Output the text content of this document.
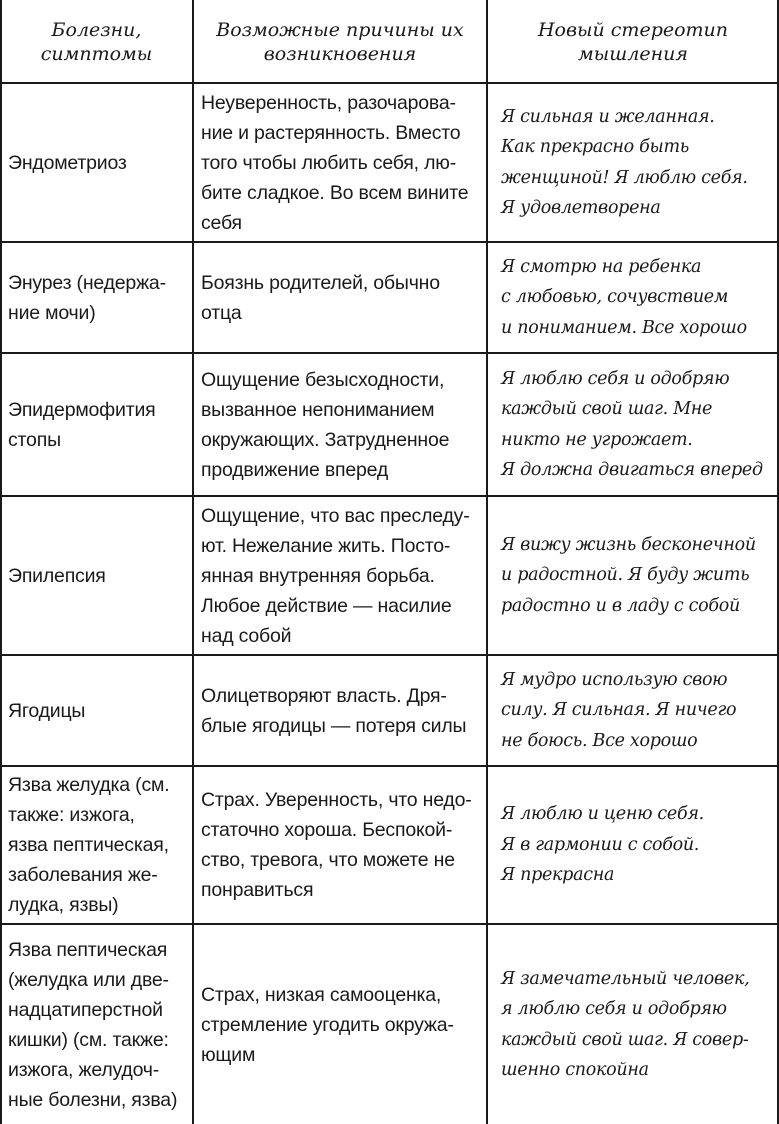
Болезни, симптомы
Возможные причины их возникновения
Новый стереотип мышления
Эндометриоз
Неуверенность, разочарова-
ние и растерянность. Вместо
того чтобы любить себя, лю-
бите сладкое. Во всем вините
себя
Я сильная и желанная.
Как прекрасно быть
женщиной! Я люблю себя.
Я удовлетворена
Энурез (недержа-
ние мочи)
Боязнь родителей, обычно
отца
Я смотрю на ребенка
с любовью, сочувствием
и пониманием. Все хорошо
Эпидермофития
стопы
Ощущение безысходности,
вызванное непониманием
окружающих. Затрудненное
продвижение вперед
Я люблю себя и одобряю
каждый свой шаг. Мне
никто не угрожает.
Я должна двигаться вперед
Эпилепсия
Ощущение, что вас преследу-
ют. Нежелание жить. Посто-
янная внутренняя борьба.
Любое действие — насилие
над собой
Я вижу жизнь бесконечной
и радостной. Я буду жить
радостно и в ладу с собой
Ягодицы
Олицетворяют власть. Дря-
блые ягодицы — потеря силы
Я мудро использую свою
силу. Я сильная. Я ничего
не боюсь. Все хорошо
Язва желудка (см.
также: изжога,
язва пептическая,
заболевания же-
лудка, язвы)
Страх. Уверенность, что недо-
статочно хороша. Беспокой-
ство, тревога, что можете не
понравиться
Я люблю и ценю себя.
Я в гармонии с собой.
Я прекрасна
Язва пептическая
(желудка или две-
надцатиперстной
кишки) (см. также:
изжога, желудоч-
ные болезни, язва)
Страх, низкая самооценка,
стремление угодить окружа-
ющим
Я замечательный человек,
я люблю себя и одобряю
каждый свой шаг. Я совер-
шенно спокойна
